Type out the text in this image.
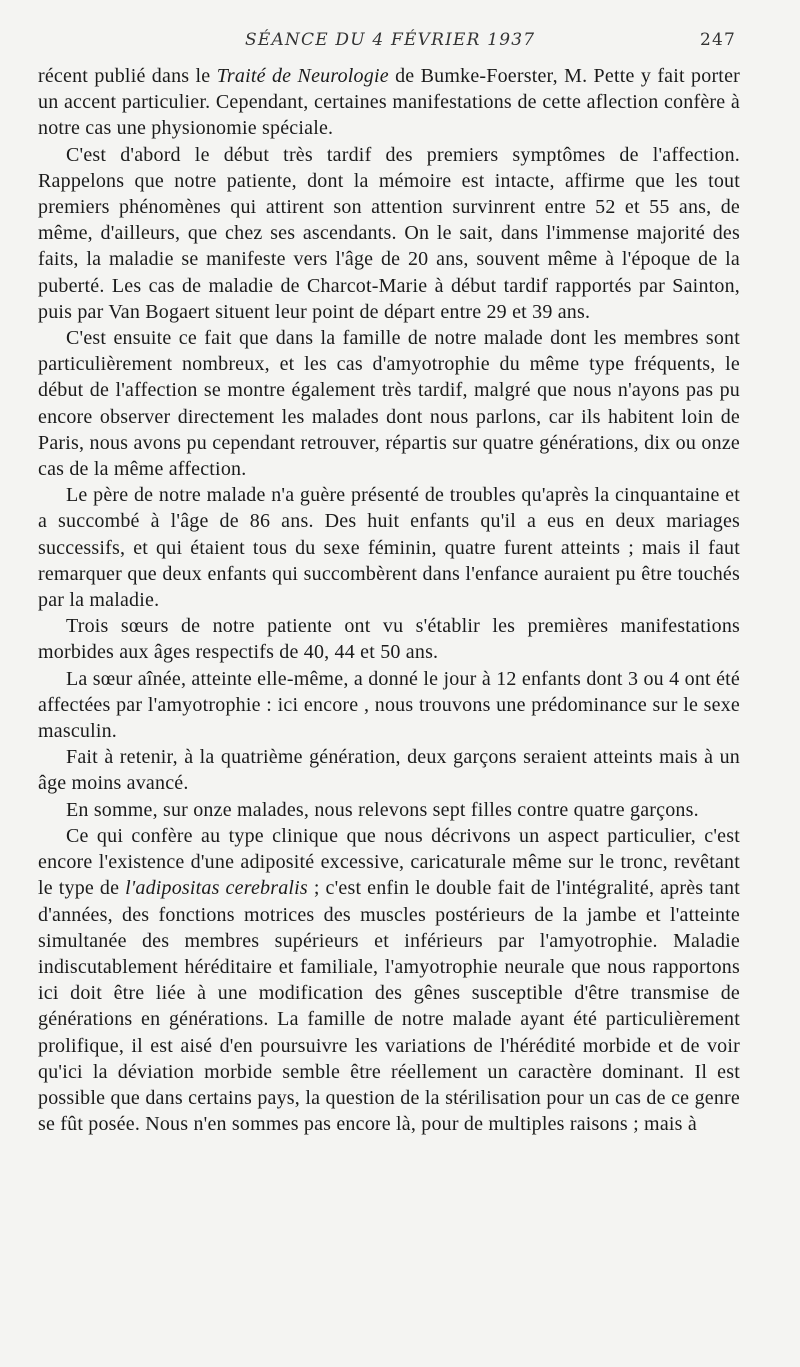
SÉANCE DU 4 FÉVRIER 1937	247

récent publié dans le Traité de Neurologie de Bumke-Foerster, M. Pette y fait porter un accent particulier. Cependant, certaines manifestations de cette aflection confère à notre cas une physionomie spéciale.

C'est d'abord le début très tardif des premiers symptômes de l'affection. Rappelons que notre patiente, dont la mémoire est intacte, affirme que les tout premiers phénomènes qui attirent son attention survinrent entre 52 et 55 ans, de même, d'ailleurs, que chez ses ascendants. On le sait, dans l'immense majorité des faits, la maladie se manifeste vers l'âge de 20 ans, souvent même à l'époque de la puberté. Les cas de maladie de Charcot-Marie à début tardif rapportés par Sainton, puis par Van Bogaert situent leur point de départ entre 29 et 39 ans.

C'est ensuite ce fait que dans la famille de notre malade dont les membres sont particulièrement nombreux, et les cas d'amyotrophie du même type fréquents, le début de l'affection se montre également très tardif, malgré que nous n'ayons pas pu encore observer directement les malades dont nous parlons, car ils habitent loin de Paris, nous avons pu cependant retrouver, répartis sur quatre générations, dix ou onze cas de la même affection.

Le père de notre malade n'a guère présenté de troubles qu'après la cinquantaine et a succombé à l'âge de 86 ans. Des huit enfants qu'il a eus en deux mariages successifs, et qui étaient tous du sexe féminin, quatre furent atteints ; mais il faut remarquer que deux enfants qui succombèrent dans l'enfance auraient pu être touchés par la maladie.

Trois sœurs de notre patiente ont vu s'établir les premières manifestations morbides aux âges respectifs de 40, 44 et 50 ans.

La sœur aînée, atteinte elle-même, a donné le jour à 12 enfants dont 3 ou 4 ont été affectées par l'amyotrophie : ici encore , nous trouvons une prédominance sur le sexe masculin.

Fait à retenir, à la quatrième génération, deux garçons seraient atteints mais à un âge moins avancé.

En somme, sur onze malades, nous relevons sept filles contre quatre garçons.

Ce qui confère au type clinique que nous décrivons un aspect particulier, c'est encore l'existence d'une adiposité excessive, caricaturale même sur le tronc, revêtant le type de l'adipositas cerebralis ; c'est enfin le double fait de l'intégralité, après tant d'années, des fonctions motrices des muscles postérieurs de la jambe et l'atteinte simultanée des membres supérieurs et inférieurs par l'amyotrophie. Maladie indiscutablement héréditaire et familiale, l'amyotrophie neurale que nous rapportons ici doit être liée à une modification des gênes susceptible d'être transmise de générations en générations. La famille de notre malade ayant été particulièrement prolifique, il est aisé d'en poursuivre les variations de l'hérédité morbide et de voir qu'ici la déviation morbide semble être réellement un caractère dominant. Il est possible que dans certains pays, la question de la stérilisation pour un cas de ce genre se fût posée. Nous n'en sommes pas encore là, pour de multiples raisons ; mais à
